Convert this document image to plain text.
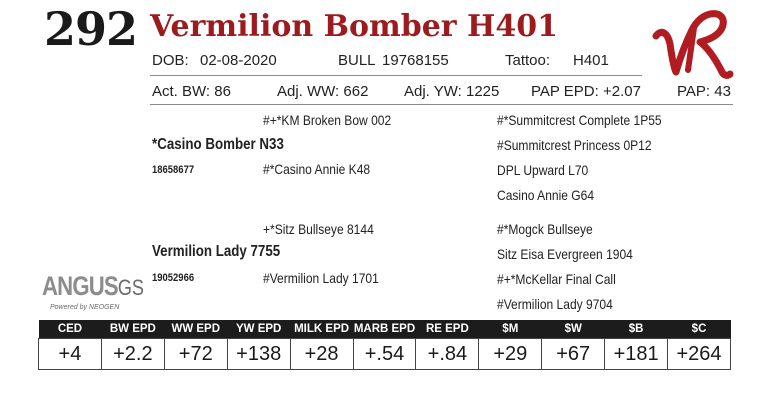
292 Vermilion Bomber H401
DOB: 02-08-2020	BULL 19768155	Tattoo: H401
Act. BW: 86	Adj. WW: 662 Adj. YW: 1225 PAP EPD: +2.07 PAP: 43
#+*KM Broken Bow 002
*Casino Bomber N33
18658677	#*Casino Annie K48
#*Summitcrest Complete 1P55
#Summitcrest Princess 0P12
DPL Upward L70
Casino Annie G64
+*Sitz Bullseye 8144
Vermilion Lady 7755
19052966	#Vermilion Lady 1701
#*Mogck Bullseye
Sitz Eisa Evergreen 1904
#+*McKellar Final Call
#Vermilion Lady 9704
ANGUSGS
Powered by NEOGEN
CED	BW EPD	WW EPD	YW EPD	MILK EPD	MARB EPD	RE EPD	$M	$W	$B	$C
+4	+2.2	+72	+138	+28	+.54	+.84	+29	+67	+181	+264
